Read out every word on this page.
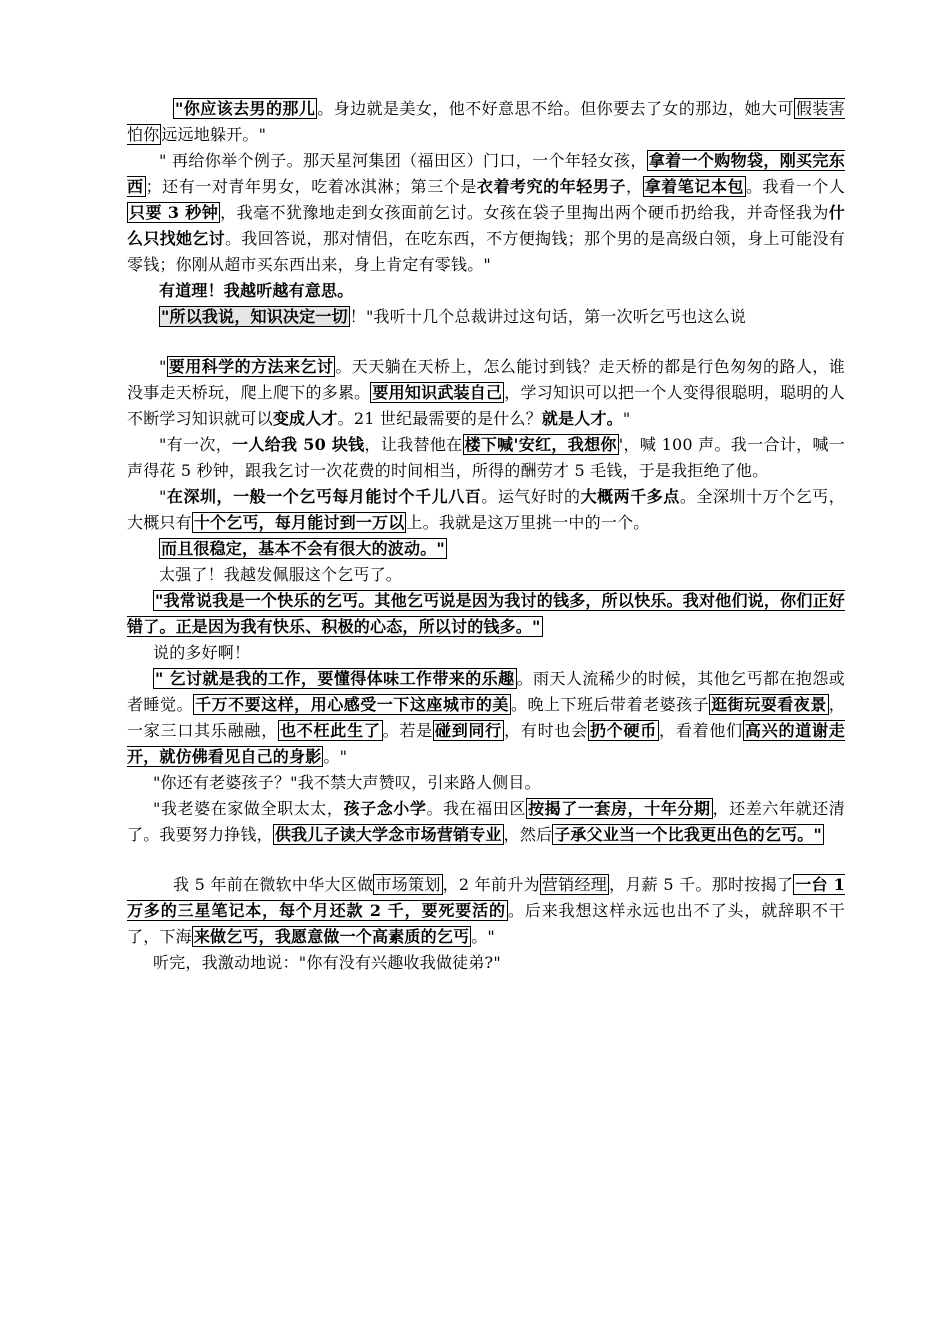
"你应该去男的那儿 。身边就是美女，他不好意思不给。但你要去了女的那边，她大可 假装害怕你 远远地躲开。"

" 再给你举个例子。那天星河集团（福田区）门口，一个年轻女孩， 拿着一个购物袋，刚买完东西 ；还有一对青年男女，吃着冰淇淋；第三个是衣着考究的年轻男子， 拿着笔记本包 。我看一个人只要 3 秒钟 ，我毫不犹豫地走到女孩面前乞讨。女孩在袋子里掏出两个硬币扔给我，并奇怪我为什么只找她乞讨。我回答说，那对情侣，在吃东西，不方便掏钱；那个男的是高级白领，身上可能没有零钱；你刚从超市买东西出来，身上肯定有零钱。"

有道理！我越听越有意思。

"所以我说，知识决定一切 ！"我听十几个总裁讲过这句话，第一次听乞丐也这么说

" 要用科学的方法来乞讨 。天天躺在天桥上，怎么能讨到钱？走天桥的都是行色匆匆的路人，谁没事走天桥玩，爬上爬下的多累。 要用知识武装自己 ，学习知识可以把一个人变得很聪明，聪明的人不断学习知识就可以变成人才。21 世纪最需要的是什么？就是人才。"

"有一次，一人给我 50 块钱，让我替他在 楼下喊'安红，我想你 '，喊 100 声。我一合计，喊一声得花 5 秒钟，跟我乞讨一次花费的时间相当，所得的酬劳才 5 毛钱，于是我拒绝了他。

"在深圳，一般一个乞丐每月能讨个千儿八百。运气好时的大概两千多点。全深圳十万个乞丐，大概只有 十个乞丐，每月能讨到一万以 上。我就是这万里挑一中的一个。

而且很稳定，基本不会有很大的波动。"

太强了！我越发佩服这个乞丐了。

"我常说我是一个快乐的乞丐。其他乞丐说是因为我讨的钱多，所以快乐。我对他们说，你们正好错了。正是因为我有快乐、积极的心态，所以讨的钱多。"

说的多好啊！

" 乞讨就是我的工作，要懂得体味工作带来的乐趣 。雨天人流稀少的时候，其他乞丐都在抱怨或者睡觉。 千万不要这样，用心感受一下这座城市的美 。晚上下班后带着老婆孩子 逛街玩耍看夜景 ，一家三口其乐融融， 也不枉此生了 。若是 碰到同行 ，有时也会 扔个硬币 ，看着他们 高兴的道谢走开，就仿佛看见自己的身影 。"

"你还有老婆孩子？"我不禁大声赞叹，引来路人侧目。

"我老婆在家做全职太太，孩子念小学。我在福田区 按揭了一套房，十年分期 ，还差六年就还清了。我要努力挣钱， 供我儿子读大学念市场营销专业 ，然后 子承父业当一个比我更出色的乞丐。"

我 5 年前在微软中华大区做 市场策划 ，2 年前升为 营销经理 ，月薪 5 千。那时按揭了 一台 1 万多的三星笔记本，每个月还款 2 千，要死要活的 。后来我想这样永远也出不了头，就辞职不干了，下海 来做乞丐，我愿意做一个高素质的乞丐 。"

听完，我激动地说："你有没有兴趣收我做徒弟?"
